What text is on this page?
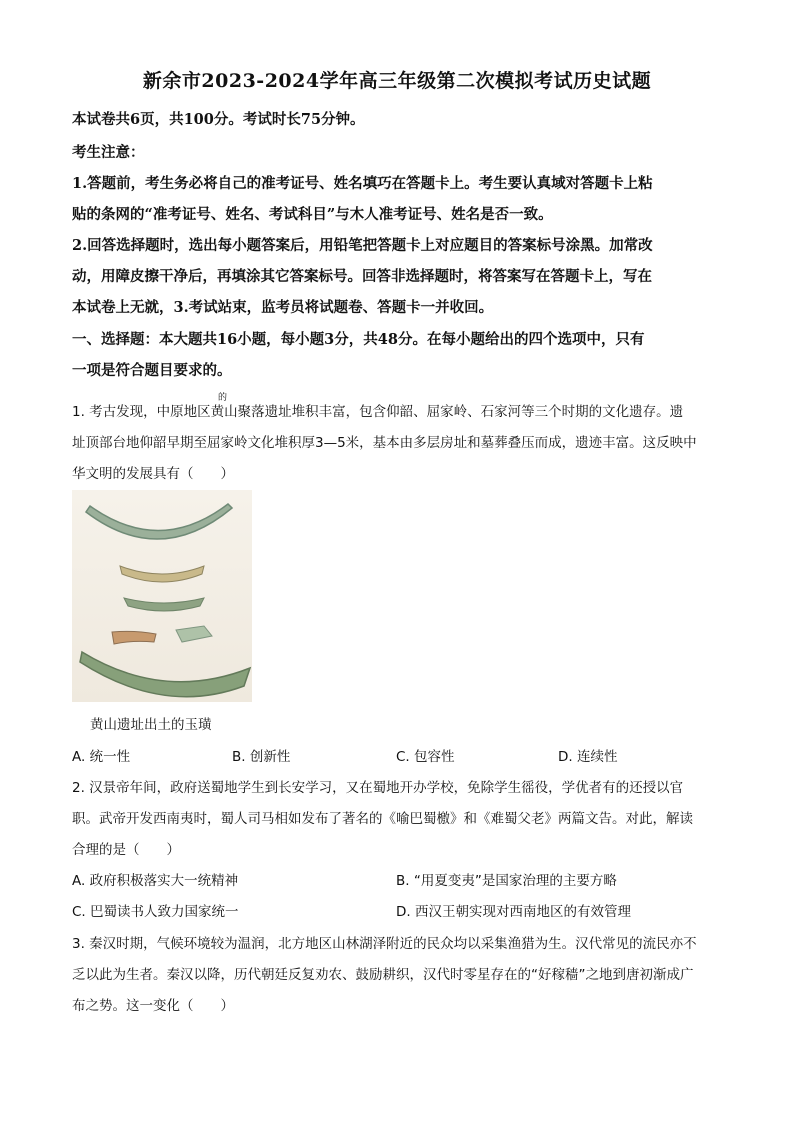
新余市2023-2024学年高三年级第二次模拟考试历史试题
本试卷共6页，共100分。考试时长75分钟。
考生注意：
1.答题前，考生务必将自己的准考证号、姓名填巧在答题卡上。考生要认真域对答题卡上粘
贴的条网的“准考证号、姓名、考试科目”与木人准考证号、姓名是否一致。
2.回答选择题时，选出每小题答案后，用铅笔把答题卡上对应题目的答案标号涂黑。加常改
动，用障皮擦干净后，再填涂其它答案标号。回答非选择题时，将答案写在答题卡上，写在
本试卷上无就，3.考试站束，监考员将试题卷、答题卡一并收回。
一、选择题：本大题共16小题，每小题3分，共48分。在每小题给出的四个选项中，只有
一项是符合题目要求的。
的
1. 考古发现，中原地区黄山聚落遗址堆积丰富，包含仰韶、屈家岭、石家河等三个时期的文化遗存。遗
址顶部台地仰韶早期至屈家岭文化堆积厚3—5米，基本由多层房址和墓葬叠压而成，遗迹丰富。这反映中
华文明的发展具有（　　）
黄山遗址出土的玉璜
A. 统一性	B. 创新性	C. 包容性	D. 连续性
2. 汉景帝年间，政府送蜀地学生到长安学习，又在蜀地开办学校，免除学生徭役，学优者有的还授以官
职。武帝开发西南夷时，蜀人司马相如发布了著名的《喻巴蜀檄》和《难蜀父老》两篇文告。对此，解读
合理的是（　　）
A. 政府积极落实大一统精神	B. “用夏变夷”是国家治理的主要方略
C. 巴蜀读书人致力国家统一	D. 西汉王朝实现对西南地区的有效管理
3. 秦汉时期，气候环境较为温润，北方地区山林湖泽附近的民众均以采集渔猎为生。汉代常见的流民亦不
乏以此为生者。秦汉以降，历代朝廷反复劝农、鼓励耕织，汉代时零星存在的“好稼穑”之地到唐初渐成广
布之势。这一变化（　　）
